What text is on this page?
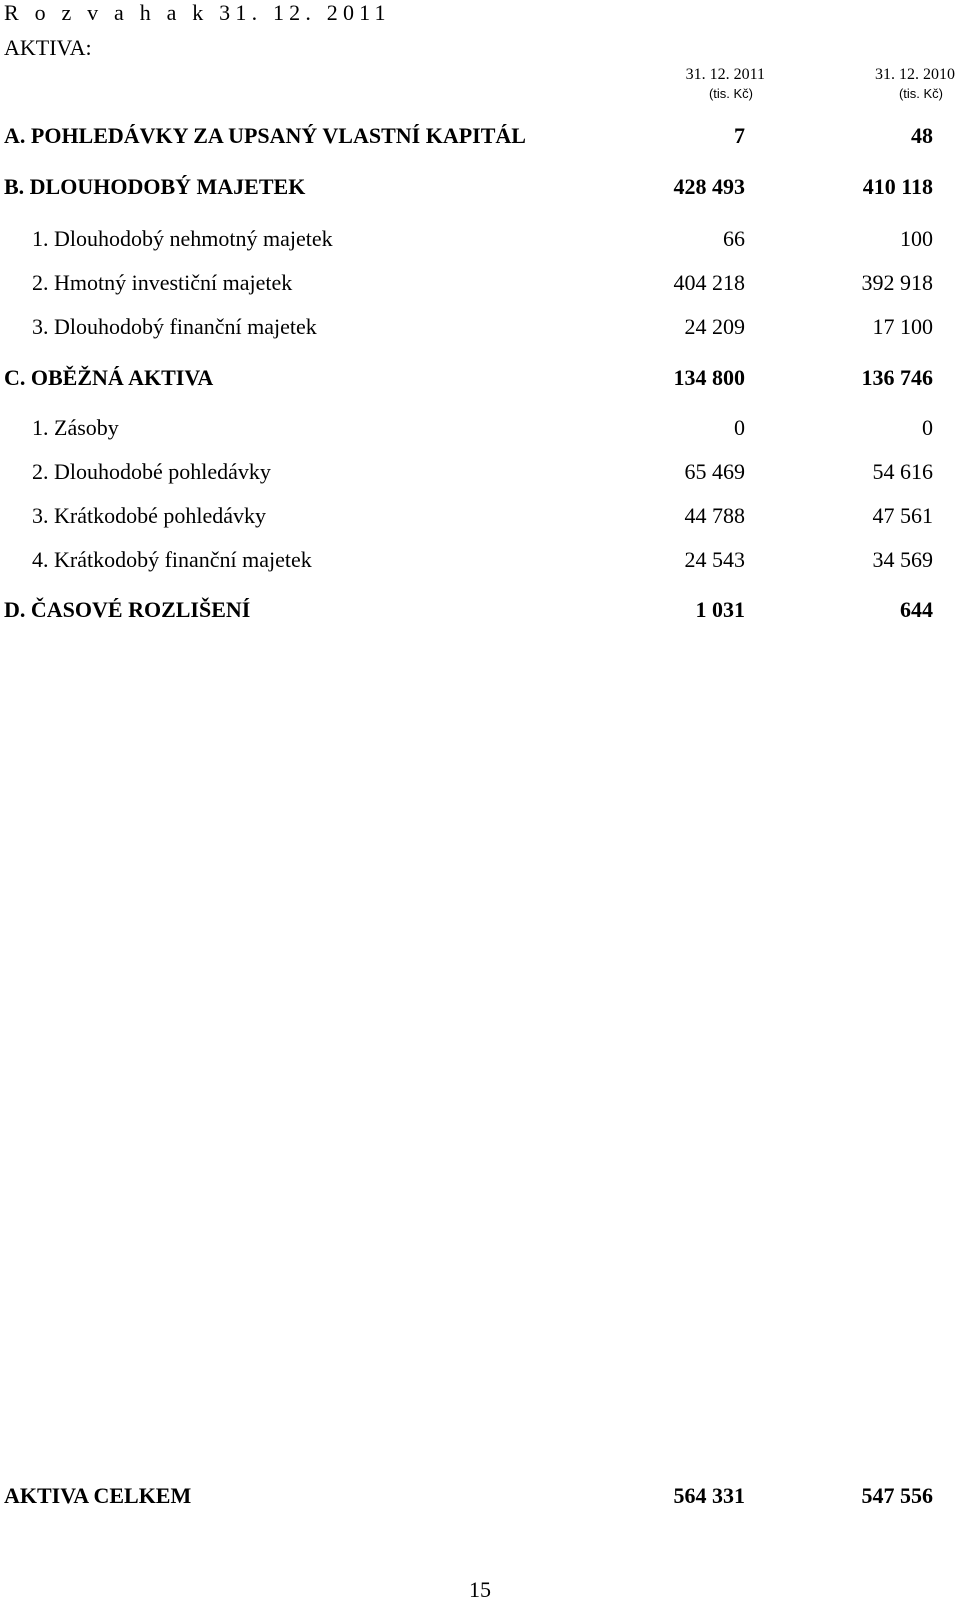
R o z v a h a k 31. 12. 2011
AKTIVA:
31. 12. 2011
(tis. Kč)
31. 12. 2010
(tis. Kč)
A. POHLEDÁVKY ZA UPSANÝ VLASTNÍ KAPITÁL	7	48
B. DLOUHODOBÝ MAJETEK	428 493	410 118
1. Dlouhodobý nehmotný majetek	66	100
2. Hmotný investiční majetek	404 218	392 918
3. Dlouhodobý finanční majetek	24 209	17 100
C. OBĚŽNÁ AKTIVA	134 800	136 746
1. Zásoby	0	0
2. Dlouhodobé pohledávky	65 469	54 616
3. Krátkodobé pohledávky	44 788	47 561
4. Krátkodobý finanční majetek	24 543	34 569
D. ČASOVÉ ROZLIŠENÍ	1 031	644
AKTIVA CELKEM	564 331	547 556
15
